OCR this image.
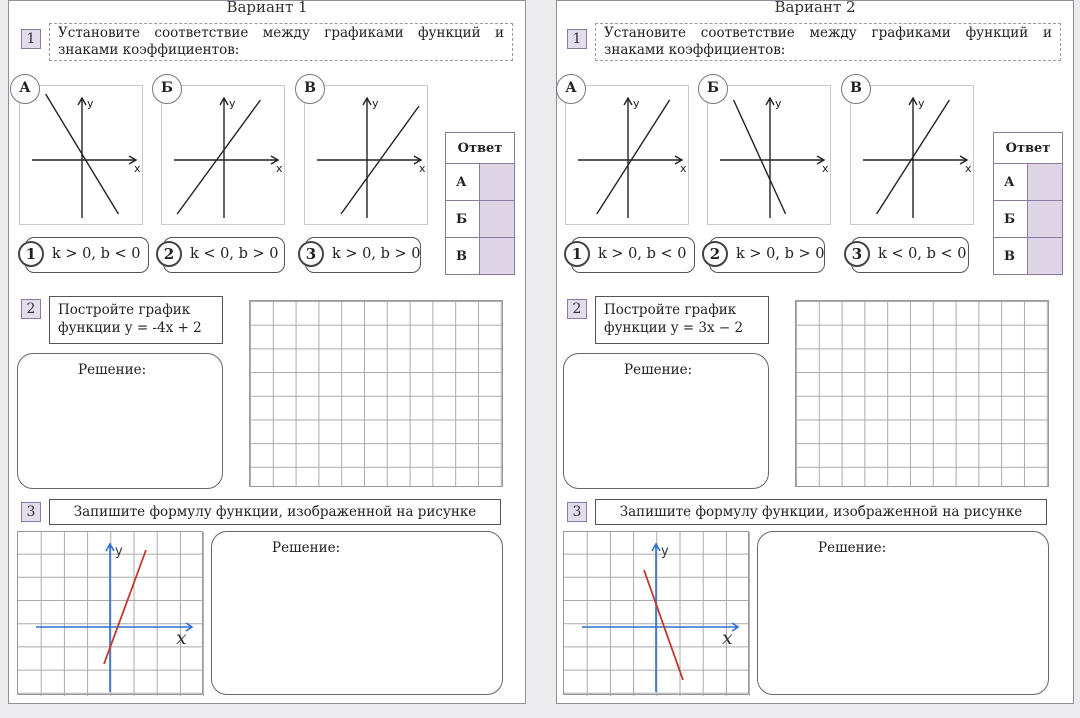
Вариант 1
1	Установите соответствие между графиками функций и знаками коэффициентов:
x
y
А
x
y
Б
x
y
В
1	k > 0, b < 0	2	k < 0, b > 0	3	k > 0, b > 0
Ответ	
А	
Б	
В	
2	Постройте график
функции y = -4x + 2
Решение:
3	Запишите формулу функции, изображенной на рисунке
x
y	Решение:
Вариант 2
1	Установите соответствие между графиками функций и знаками коэффициентов:
x
y
А
x
y
Б
x
y
В
1	k > 0, b < 0	2	k > 0, b > 0	3	k < 0, b < 0
Ответ	
А	
Б	
В	
2	Постройте график
функции y = 3x − 2
Решение:
3	Запишите формулу функции, изображенной на рисунке
x
y	Решение:
